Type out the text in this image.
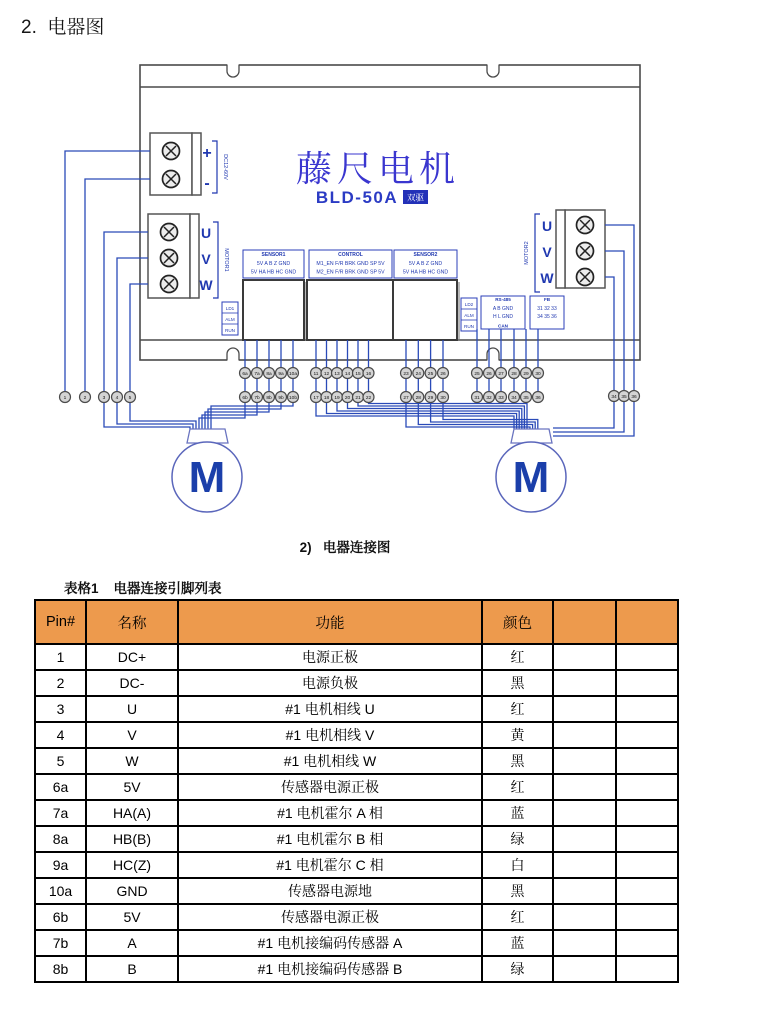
2.  电器图
藤尺电机
BLD-50A 双驱
+
-
DC12-60V
U
V
W
MOTOR1
U
V
W
MOTOR2
SENSOR1
5V A B Z GND
5V HA HB HC GND
CONTROL
M1_EN F/R BRK GND SP 5V
M2_EN F/R BRK GND SP 5V
SENSOR2
5V A B Z GND
5V HA HB HC GND
LD1
ALM
RUN
LD2
ALM
RUN
RS-485
A B GND
H L GND
CAN
FB
31 32 33
34 35 36
1	2	3 4 5
6a 7a 8a 9a 10a
6b 7b 8b 9b 10b
11 12 13 14 15 16
17 18 19 20 21 22
23 24 25 26
27 28 29 30
25 26 27 28 29 30
31 32 33 34 35 36	34 35 36
M	M
2)   电器连接图
表格1    电器连接引脚列表
Pin#	名称	功能	颜色		
1	DC+	电源正极	红		
2	DC-	电源负极	黑		
3	U	#1 电机相线 U	红		
4	V	#1 电机相线 V	黄		
5	W	#1 电机相线 W	黑		
6a	5V	传感器电源正极	红		
7a	HA(A)	#1 电机霍尔 A 相	蓝		
8a	HB(B)	#1 电机霍尔 B 相	绿		
9a	HC(Z)	#1 电机霍尔 C 相	白		
10a	GND	传感器电源地	黑		
6b	5V	传感器电源正极	红		
7b	A	#1 电机接编码传感器 A	蓝		
8b	B	#1 电机接编码传感器 B	绿		
